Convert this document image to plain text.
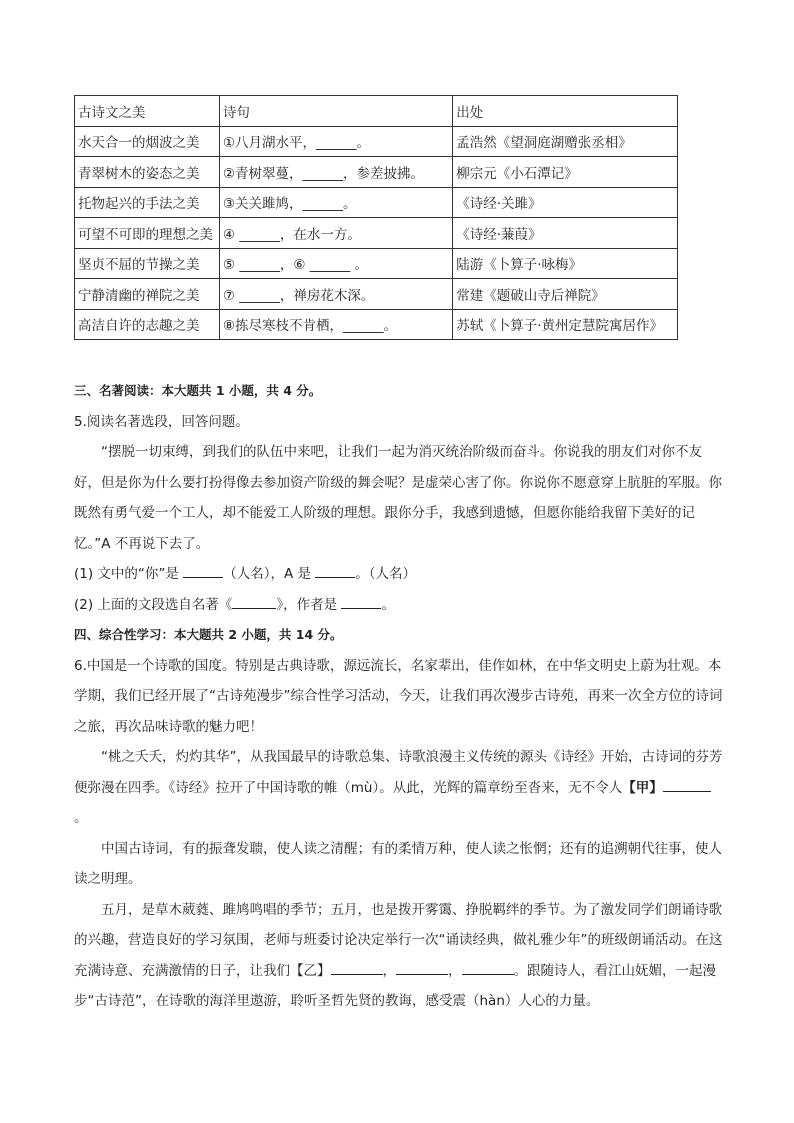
古诗文之美	诗句	出处
水天合一的烟波之美	①八月湖水平，______。	孟浩然《望洞庭湖赠张丞相》
青翠树木的姿态之美	②青树翠蔓，______，参差披拂。	柳宗元《小石潭记》
托物起兴的手法之美	③关关雎鸠，______。	《诗经·关雎》
可望不可即的理想之美	④ ______，在水一方。	《诗经·蒹葭》
坚贞不屈的节操之美	⑤ ______，⑥ ______ 。	陆游《卜算子·咏梅》
宁静清幽的禅院之美	⑦ ______，禅房花木深。	常建《题破山寺后禅院》
高洁自许的志趣之美	⑧拣尽寒枝不肯栖，______。	苏轼《卜算子·黄州定慧院寓居作》
三、名著阅读：本大题共 1 小题，共 4 分。
5.阅读名著选段，回答问题。
“摆脱一切束缚，到我们的队伍中来吧，让我们一起为消灭统治阶级而奋斗。你说我的朋友们对你不友好，但是你为什么要打扮得像去参加资产阶级的舞会呢？是虚荣心害了你。你说你不愿意穿上肮脏的军服。你既然有勇气爱一个工人，却不能爱工人阶级的理想。跟你分手，我感到遗憾，但愿你能给我留下美好的记忆。”A 不再说下去了。
(1) 文中的“你”是	（人名），A 是	。（人名）
(2) 上面的文段选自名著《	》，作者是	。
四、综合性学习：本大题共 2 小题，共 14 分。
6.中国是一个诗歌的国度。特别是古典诗歌，源远流长，名家辈出，佳作如林，在中华文明史上蔚为壮观。本学期，我们已经开展了“古诗苑漫步”综合性学习活动，今天，让我们再次漫步古诗苑，再来一次全方位的诗词之旅，再次品味诗歌的魅力吧！
“桃之夭夭，灼灼其华”，从我国最早的诗歌总集、诗歌浪漫主义传统的源头《诗经》开始，古诗词的芬芳便弥漫在四季。《诗经》拉开了中国诗歌的帷（mù）。从此，光辉的篇章纷至沓来，无不令人【甲】。
中国古诗词，有的振聋发聩，使人读之清醒；有的柔情万种，使人读之怅惘；还有的追溯朝代往事，使人读之明理。
五月，是草木葳蕤、雎鸠鸣唱的季节；五月，也是拨开雾霭、挣脱羁绊的季节。为了激发同学们朗诵诗歌的兴趣，营造良好的学习氛围，老师与班委讨论决定举行一次“诵读经典，做礼雅少年”的班级朗诵活动。在这充满诗意、充满激情的日子，让我们【乙】	，	，	。跟随诗人，看江山妩媚，一起漫步“古诗范”，在诗歌的海洋里遨游，聆听圣哲先贤的教诲，感受震（hàn）人心的力量。
